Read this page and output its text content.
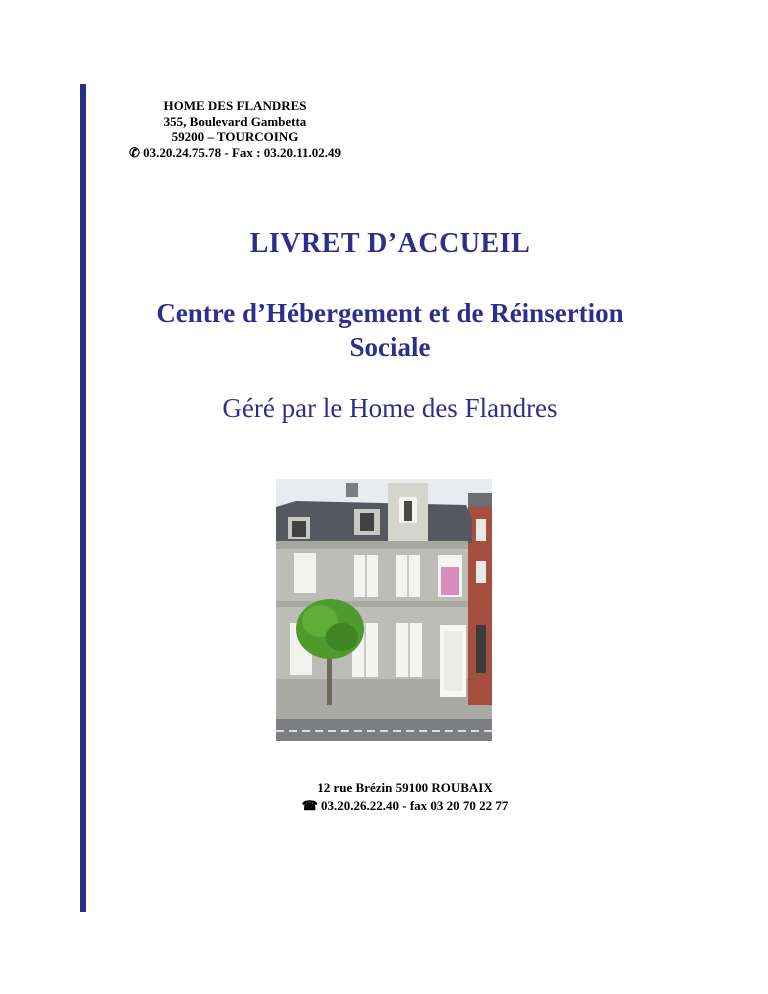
HOME DES FLANDRES
355, Boulevard Gambetta
59200 – TOURCOING
✆ 03.20.24.75.78 - Fax : 03.20.11.02.49
LIVRET D’ACCUEIL
Centre d’Hébergement et de Réinsertion
Sociale
Géré par le Home des Flandres
12 rue Brézin 59100 ROUBAIX
☎ 03.20.26.22.40 - fax 03 20 70 22 77
